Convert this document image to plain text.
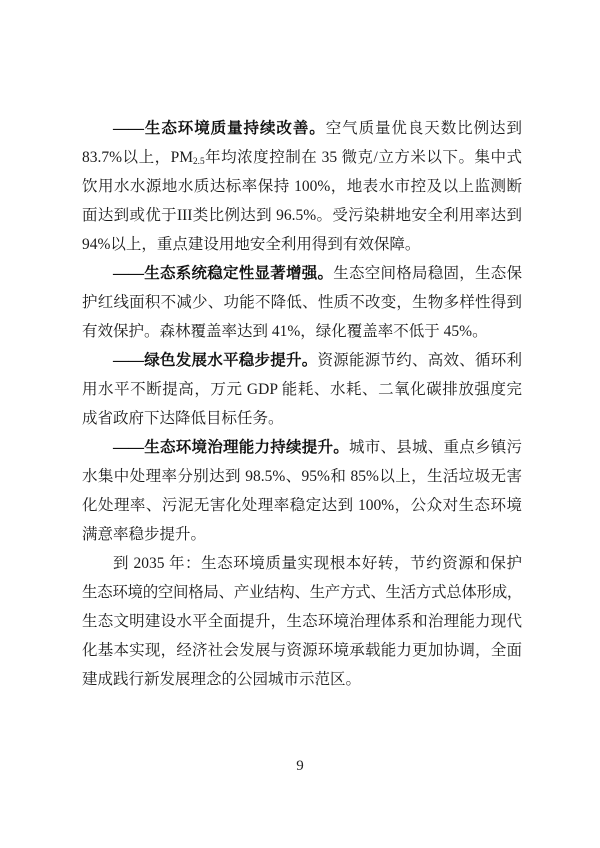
——生态环境质量持续改善。空气质量优良天数比例达到
83.7%以上，PM2.5年均浓度控制在 35 微克/立方米以下。集中式
饮用水水源地水质达标率保持 100%，地表水市控及以上监测断
面达到或优于III类比例达到 96.5%。受污染耕地安全利用率达到
94%以上，重点建设用地安全利用得到有效保障。
——生态系统稳定性显著增强。生态空间格局稳固，生态保
护红线面积不减少、功能不降低、性质不改变，生物多样性得到
有效保护。森林覆盖率达到 41%，绿化覆盖率不低于 45%。
——绿色发展水平稳步提升。资源能源节约、高效、循环利
用水平不断提高，万元 GDP 能耗、水耗、二氧化碳排放强度完
成省政府下达降低目标任务。
——生态环境治理能力持续提升。城市、县城、重点乡镇污
水集中处理率分别达到 98.5%、95%和 85%以上，生活垃圾无害
化处理率、污泥无害化处理率稳定达到 100%，公众对生态环境
满意率稳步提升。
到 2035 年：生态环境质量实现根本好转，节约资源和保护
生态环境的空间格局、产业结构、生产方式、生活方式总体形成，
生态文明建设水平全面提升，生态环境治理体系和治理能力现代
化基本实现，经济社会发展与资源环境承载能力更加协调，全面
建成践行新发展理念的公园城市示范区。
9
